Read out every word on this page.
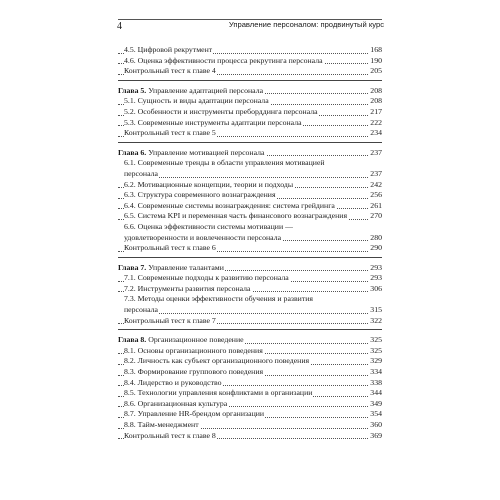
Управление персоналом: продвинутый курс
4
4.5. Цифровой рекрутмент	168
4.6. Оценка эффективности процесса рекрутинга персонала	190
Контрольный тест к главе 4	205
Глава 5. Управление адаптацией персонала	208
5.1. Сущность и виды адаптации персонала	208
5.2. Особенности и инструменты преборддинга персонала	217
5.3. Современные инструменты адаптации персонала	222
Контрольный тест к главе 5	234
Глава 6. Управление мотивацией персонала	237
6.1. Современные тренды в области управления мотивацией
персонала	237
6.2. Мотивационные концепции, теории и подходы	242
6.3. Структура современного вознаграждения	256
6.4. Современные системы вознаграждения: система грейдинга	261
6.5. Система KPI и переменная часть финансового вознаграждения	270
6.6. Оценка эффективности системы мотивации —
удовлетворенности и вовлеченности персонала	280
Контрольный тест к главе 6	290
Глава 7. Управление талантами	293
7.1. Современные подходы к развитию персонала	293
7.2. Инструменты развития персонала	306
7.3. Методы оценки эффективности обучения и развития
персонала	315
Контрольный тест к главе 7	322
Глава 8. Организационное поведение	325
8.1. Основы организационного поведения	325
8.2. Личность как субъект организационного поведения	329
8.3. Формирование группового поведения	334
8.4. Лидерство и руководство	338
8.5. Технологии управления конфликтами в организации	344
8.6. Организационная культура	349
8.7. Управление HR-брендом организации	354
8.8. Тайм-менеджмент	360
Контрольный тест к главе 8	369
